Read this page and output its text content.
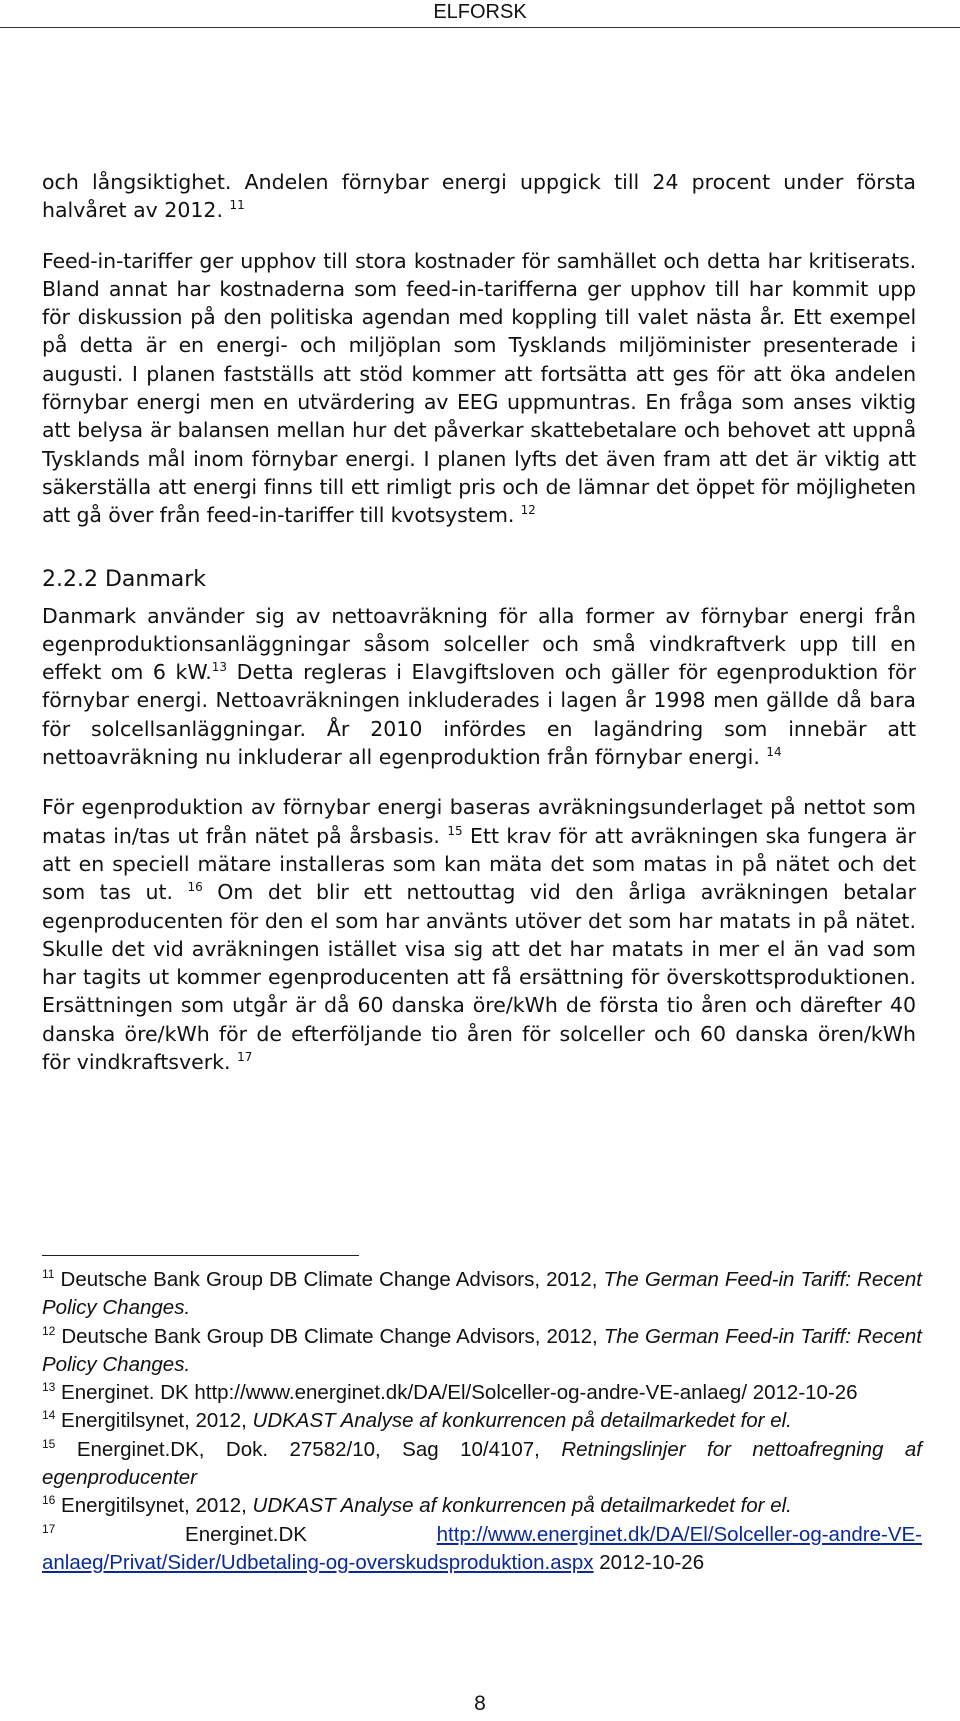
ELFORSK

och långsiktighet. Andelen förnybar energi uppgick till 24 procent under första halvåret av 2012. $^{11}$

Feed-in-tariffer ger upphov till stora kostnader för samhället och detta har kritiserats. Bland annat har kostnaderna som feed-in-tarifferna ger upphov till har kommit upp för diskussion på den politiska agendan med koppling till valet nästa år. Ett exempel på detta är en energi- och miljöplan som Tysklands miljöminister presenterade i augusti. I planen fastställs att stöd kommer att fortsätta att ges för att öka andelen förnybar energi men en utvärdering av EEG uppmuntras. En fråga som anses viktig att belysa är balansen mellan hur det påverkar skattebetalare och behovet att uppnå Tysklands mål inom förnybar energi. I planen lyfts det även fram att det är viktig att säkerställa att energi finns till ett rimligt pris och de lämnar det öppet för möjligheten att gå över från feed-in-tariffer till kvotsystem. $^{12}$

2.2.2 Danmark

Danmark använder sig av nettoavräkning för alla former av förnybar energi från egenproduktionsanläggningar såsom solceller och små vindkraftverk upp till en effekt om 6 kW.$^{13}$ Detta regleras i Elavgiftsloven och gäller för egenproduktion för förnybar energi. Nettoavräkningen inkluderades i lagen år 1998 men gällde då bara för solcellsanläggningar. År 2010 infördes en lagändring som innebär att nettoavräkning nu inkluderar all egenproduktion från förnybar energi. $^{14}$

För egenproduktion av förnybar energi baseras avräkningsunderlaget på nettot som matas in/tas ut från nätet på årsbasis. $^{15}$ Ett krav för att avräkningen ska fungera är att en speciell mätare installeras som kan mäta det som matas in på nätet och det som tas ut. $^{16}$ Om det blir ett nettouttag vid den årliga avräkningen betalar egenproducenten för den el som har använts utöver det som har matats in på nätet. Skulle det vid avräkningen istället visa sig att det har matats in mer el än vad som har tagits ut kommer egenproducenten att få ersättning för överskottsproduktionen. Ersättningen som utgår är då 60 danska öre/kWh de första tio åren och därefter 40 danska öre/kWh för de efterföljande tio åren för solceller och 60 danska ören/kWh för vindkraftsverk. $^{17}$

$^{11}$ Deutsche Bank Group DB Climate Change Advisors, 2012, The German Feed-in Tariff: Recent Policy Changes.

$^{12}$ Deutsche Bank Group DB Climate Change Advisors, 2012, The German Feed-in Tariff: Recent Policy Changes.

$^{13}$ Energinet. DK http://www.energinet.dk/DA/El/Solceller-og-andre-VE-anlaeg/ 2012-10-26

$^{14}$ Energitilsynet, 2012, UDKAST Analyse af konkurrencen på detailmarkedet for el.

$^{15}$ Energinet.DK, Dok. 27582/10, Sag 10/4107, Retningslinjer for nettoafregning af egenproducenter

$^{16}$ Energitilsynet, 2012, UDKAST Analyse af konkurrencen på detailmarkedet for el.

$^{17}$ Energinet.DK http://www.energinet.dk/DA/El/Solceller-og-andre-VE-anlaeg/Privat/Sider/Udbetaling-og-overskudsproduktion.aspx 2012-10-26

8
